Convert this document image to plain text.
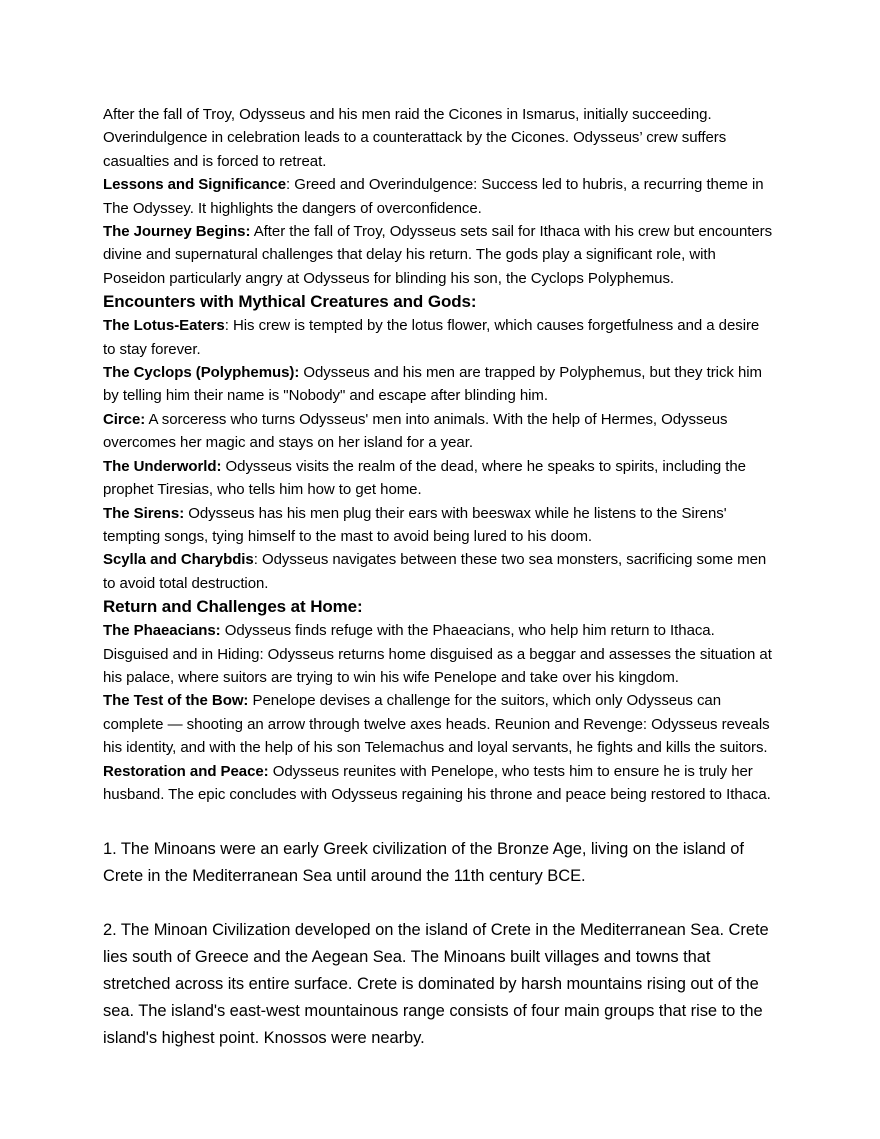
After the fall of Troy, Odysseus and his men raid the Cicones in Ismarus, initially succeeding. Overindulgence in celebration leads to a counterattack by the Cicones. Odysseus’ crew suffers casualties and is forced to retreat.

Lessons and Significance: Greed and Overindulgence: Success led to hubris, a recurring theme in The Odyssey. It highlights the dangers of overconfidence.

The Journey Begins: After the fall of Troy, Odysseus sets sail for Ithaca with his crew but encounters divine and supernatural challenges that delay his return. The gods play a significant role, with Poseidon particularly angry at Odysseus for blinding his son, the Cyclops Polyphemus.

Encounters with Mythical Creatures and Gods:

The Lotus-Eaters: His crew is tempted by the lotus flower, which causes forgetfulness and a desire to stay forever.

The Cyclops (Polyphemus): Odysseus and his men are trapped by Polyphemus, but they trick him by telling him their name is "Nobody" and escape after blinding him.

Circe: A sorceress who turns Odysseus' men into animals. With the help of Hermes, Odysseus overcomes her magic and stays on her island for a year.

The Underworld: Odysseus visits the realm of the dead, where he speaks to spirits, including the prophet Tiresias, who tells him how to get home.

The Sirens: Odysseus has his men plug their ears with beeswax while he listens to the Sirens' tempting songs, tying himself to the mast to avoid being lured to his doom.

Scylla and Charybdis: Odysseus navigates between these two sea monsters, sacrificing some men to avoid total destruction.

Return and Challenges at Home:

The Phaeacians: Odysseus finds refuge with the Phaeacians, who help him return to Ithaca. Disguised and in Hiding: Odysseus returns home disguised as a beggar and assesses the situation at his palace, where suitors are trying to win his wife Penelope and take over his kingdom.

The Test of the Bow: Penelope devises a challenge for the suitors, which only Odysseus can complete — shooting an arrow through twelve axes heads. Reunion and Revenge: Odysseus reveals his identity, and with the help of his son Telemachus and loyal servants, he fights and kills the suitors.

Restoration and Peace: Odysseus reunites with Penelope, who tests him to ensure he is truly her husband. The epic concludes with Odysseus regaining his throne and peace being restored to Ithaca.

1. The Minoans were an early Greek civilization of the Bronze Age, living on the island of Crete in the Mediterranean Sea until around the 11th century BCE.

2. The Minoan Civilization developed on the island of Crete in the Mediterranean Sea. Crete lies south of Greece and the Aegean Sea. The Minoans built villages and towns that stretched across its entire surface. Crete is dominated by harsh mountains rising out of the sea. The island's east-west mountainous range consists of four main groups that rise to the island's highest point. Knossos were nearby.
